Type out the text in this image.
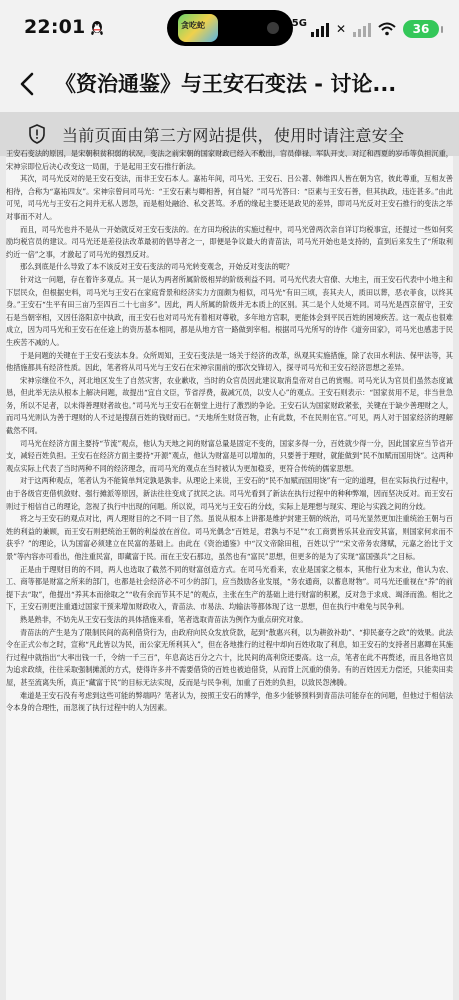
22:01	贪吃蛇	5G ✕	36
《资治通鉴》与王安石变法 - 讨论...
当前页面由第三方网站提供，使用时请注意安全

王安石变法的原因，是宋朝积贫积弱的状况，变法之前宋朝的国家财政已经入不敷出，官员俸禄、军队开支、对辽和西夏的岁币等负担沉重，宋神宗即位后决心改变这一局面，于是起用王安石推行新法。

其次，司马光反对的是王安石变法，而非王安石本人。嘉祐年间，司马光、王安石、吕公著、韩维四人皆在朝为官，彼此尊重，互相友善相待，合称为“嘉祐四友”。宋神宗曾问司马光：“王安石素与卿相善，何自疑？”司马光答曰：“臣素与王安石善，但其执政，违迕甚多。”由此可见，司马光与王安石之间并无私人恩怨，而是相处融洽、私交甚笃。矛盾的缘起主要还是政见的差异，即司马光反对王安石推行的变法之举对事而不对人。

而且，司马光也并不是从一开始就反对王安石变法的。在方田均税法的实施过程中，司马光曾两次亲自详订均税事宜，还提过一些如何奖励均税官员的建议。司马光还是差役法改革最初的倡导者之一，即便是争议最大的青苗法，司马光开始也是支持的，直到后来发生了“所取利约近一倍”之事，才激起了司马光的强烈反对。

那么到底是什么导致了本不该反对王安石变法的司马光转变观念，开始反对变法的呢？

针对这一问题，存在着许多观点。其一是认为两者所属阶级相异的阶级利益不同。司马光代表大官僚、大地主，而王安石代表中小地主和下层民众，但根据史料，司马光与王安石在家庭背景和经济实力方面颇为相似，司马光“有田三顷，丧其夫人，质田以葬，恶衣菲食，以终其身。”王安石“生平有田三亩乃至四百二十七亩多”。因此，两人所属的阶级并无本质上的区别。其二是个人处境不同。司马光是西京留守，王安石是当朝宰相，又因任洛阳京中执政，而王安石也对司马光有着相对尊敬，多年地方官职，更能体会到平民百姓的困境疾苦。这一观点也很难成立，因为司马光和王安石在任途上的资历基本相同，都是从地方官一路做到宰相。根据司马光所写的诗作《道旁田家》，司马光也感悲于民生疾苦不减的人。

于是问题的关键在于王安石变法本身。众所周知，王安石变法是一场关于经济的改革，纵观其实施措施，除了农田水利法、保甲法等，其他措施都具有经济性质。因此，笔者将从司马光与王安石在宋神宗面前的那次交锋切入，探寻司马光和王安石经济思想之差异。

宋神宗继位不久，河北地区发生了自然灾害，农业歉收，当时的众官员因此建议取消皇帝对自己的赏赐。司马光认为官员们虽然态度诚恳，但此举无法从根本上解决问题，故提出“宜自文臣，节省浮费，裁减冗员，以安人心”的观点。王安石则表示：“国家贫用不足，非当世急务，所以不足者，以未得善理财者故也。”司马光与王安石在朝堂上进行了激烈的争论。王安石认为国家财政紧张，关键在于缺少善理财之人，而司马光则认为善于理财的人不过是搜刮百姓的钱财而已。“天地所生财货百物，止有此数，不在民则在官。”可见，两人对于国家经济的理解截然不同。

司马光在经济方面主要持“节流”观点，他认为天地之间的财富总量是固定不变的，国家多得一分，百姓就少得一分，因此国家应当节省开支，减轻百姓负担。王安石在经济方面主要持“开源”观点，他认为财富是可以增加的，只要善于理财，就能做到“民不加赋而国用饶”。这两种观点实际上代表了当时两种不同的经济理念，而司马光的观点在当时被认为更加稳妥，更符合传统的儒家思想。

对于这两种观点，笔者认为不能简单判定孰是孰非。从理论上来说，王安石的“民不加赋而国用饶”有一定的道理，但在实际执行过程中，由于各级官吏借机敛财、强行摊派等原因，新法往往变成了扰民之法。司马光看到了新法在执行过程中的种种弊端，因而坚决反对。而王安石则过于相信自己的理论，忽视了执行中出现的问题。所以说，司马光与王安石的分歧，实际上是理想与现实、理论与实践之间的分歧。

将之与王安石的观点对比，两人理财目的之不同一目了然。虽说从根本上讲都是维护封建王朝的统治，司马光显然更加注重统治王朝与百姓的利益的兼顾，而王安石则把统治王朝的利益放在首位。司马光偶念“百姓足，君孰与不足”“农工商贾皆乐其业而安其富，则国家何求而不获乎？”的理论，认为国富必须建立在民富的基础上。由此在《资治通鉴》中“汉文帝除田租，百姓以宁”“宋文帝务农薄赋，元嘉之治比于文景”等内容亦可看出，他注重民富，即藏富于民。而在王安石那边，虽然也有“富民”思想，但更多的是为了实现“富国强兵”之目标。

正是由于理财目的的不同，两人也选取了截然不同的财富创造方式。在司马光看来，农业是国家之根本，其他行业为末业，他认为农、工、商等都是财富之所来的部门，也都是社会经济必不可少的部门，应当鼓励各业发展，“务农通商，以蓄息财物”。司马光还重视在“养”的前提下去“取”，他提出“养其本而徐取之”“收有余而节其不足”的观点，主张在生产的基础上进行财富的积累，反对急于求成、竭泽而渔。相比之下，王安石则更注重通过国家干预来增加财政收入，青苗法、市易法、均输法等都体现了这一思想，但在执行中难免与民争利。

熟是熟非，不妨先从王安石变法的具体措施来看，笔者选取青苗法为例作为重点研究对象。

青苗法的产生是为了限制民间的高利借贷行为，由政府向民众发放贷款，起到“散惠兴利，以为耕敛补助”、“抑民豪夺之政”的效果。此法令在正式公布之时，宣称“凡此皆以为民，而公家无所利其入”，但在各地推行的过程中却向百姓收取了利息，如王安石的支持者吕惠卿在其施行过程中就指出“大率出钱一千，令纳一千三百”，年息高达百分之六十，比民间的高利贷还要高。这一点，笔者在此不再赘述，而且各地官员为追求政绩，往往采取强制摊派的方式，使得许多并不需要借贷的百姓也被迫借贷，从而背上沉重的债务。有的百姓因无力偿还，只能卖田卖屋，甚至流离失所，真正“藏富于民”的目标无法实现，反而是与民争利，加重了百姓的负担，以致民怨沸腾。

难道是王安石没有考虑到这些可能的弊端吗？笔者认为，按照王安石的博学，他多少能够预料到青苗法可能存在的问题，但他过于相信法令本身的合理性，而忽视了执行过程中的人为因素。
